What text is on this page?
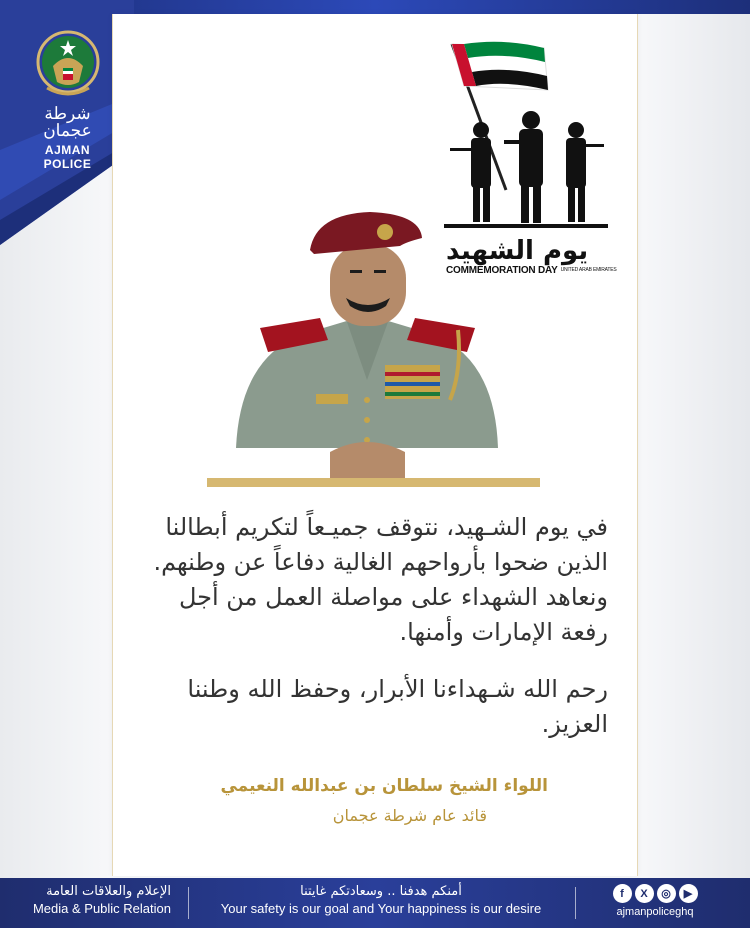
شرطة عجمان
AJMAN POLICE
يوم الشهيد
COMMEMORATION DAY UNITED ARAB EMIRATES

في يوم الشـهيد، نتوقف جميـعاً لتكريم أبطالنا الذين ضحوا بأرواحهم الغالية دفاعاً عن وطنهم. ونعاهد الشهداء على مواصلة العمل من أجل رفعة الإمارات وأمنها.

رحم الله شـهداءنا الأبرار، وحفظ الله وطننا العزيز.

اللواء الشيخ سلطان بن عبدالله النعيمي
قائد عام شرطة عجمان
الإعلام والعلاقات العامة
Media & Public Relation
أمنكم هدفنا .. وسعادتكم غايتنا
Your safety is our goal and Your happiness is our desire
f	X	◎	▶
ajmanpoliceghq
